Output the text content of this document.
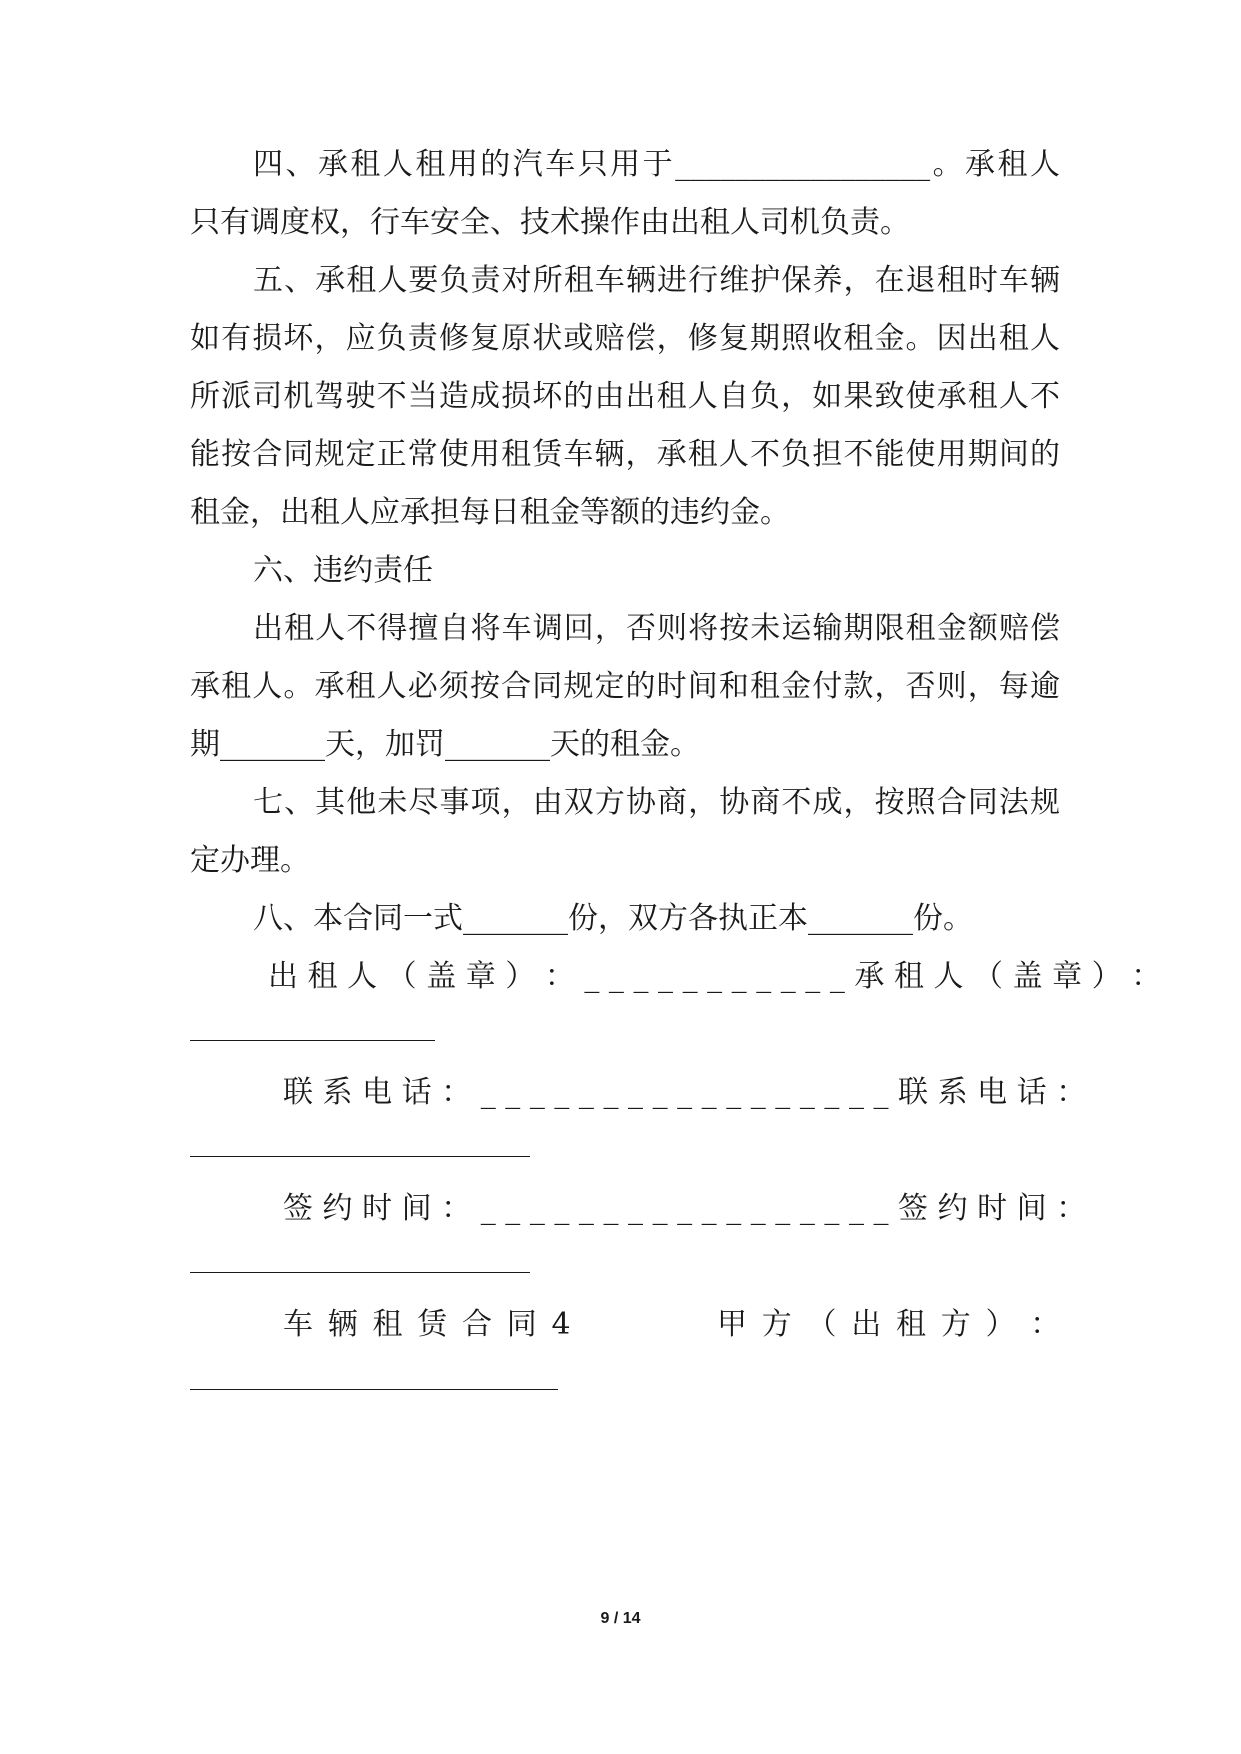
四、承租人租用的汽车只用于_________________。承租人
只有调度权，行车安全、技术操作由出租人司机负责。
五、承租人要负责对所租车辆进行维护保养，在退租时车辆
如有损坏，应负责修复原状或赔偿，修复期照收租金。因出租人
所派司机驾驶不当造成损坏的由出租人自负，如果致使承租人不
能按合同规定正常使用租赁车辆，承租人不负担不能使用期间的
租金，出租人应承担每日租金等额的违约金。
六、违约责任
出租人不得擅自将车调回，否则将按未运输期限租金额赔偿
承租人。承租人必须按合同规定的时间和租金付款，否则，每逾
期_______天，加罚_______天的租金。
七、其他未尽事项，由双方协商，协商不成，按照合同法规
定办理。
八、本合同一式_______份，双方各执正本_______份。
出 租 人 （ 盖 章 ） ： _ _ _ _ _ _ _ _ _ _ _ 承 租 人 （ 盖 章 ） ：
联 系 电 话 ： _ _ _ _ _ _ _ _ _ _ _ _ _ _ _ _ _ 联 系 电 话 ：
签 约 时 间 ： _ _ _ _ _ _ _ _ _ _ _ _ _ _ _ _ _ 签 约 时 间 ：
车 辆 租 赁 合 同 4 　 　 　	甲 方 （ 出 租 方 ） ：
9 / 14
